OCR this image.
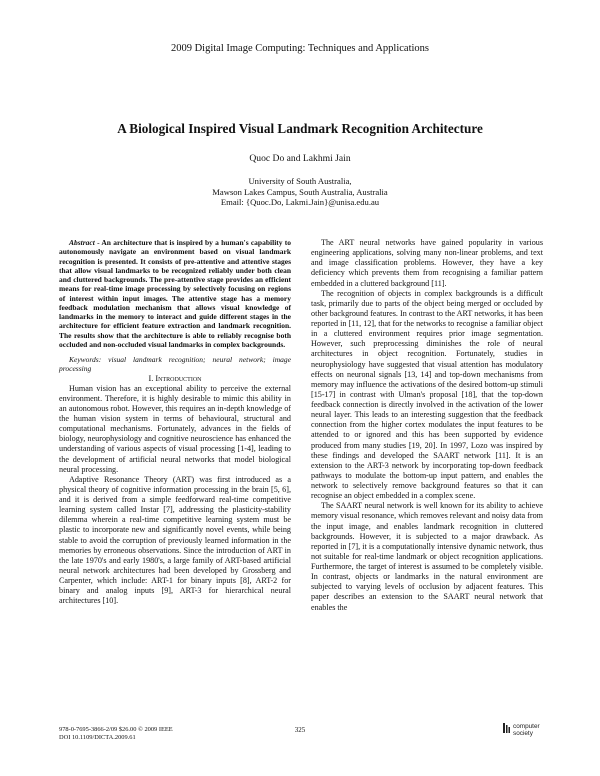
2009 Digital Image Computing: Techniques and Applications
A Biological Inspired Visual Landmark Recognition Architecture
Quoc Do and Lakhmi Jain
University of South Australia,
Mawson Lakes Campus, South Australia, Australia
Email: {Quoc.Do, Lakmi.Jain}@unisa.edu.au

Abstract - An architecture that is inspired by a human's capability to autonomously navigate an environment based on visual landmark recognition is presented. It consists of pre-attentive and attentive stages that allow visual landmarks to be recognized reliably under both clean and cluttered backgrounds. The pre-attentive stage provides an efficient means for real-time image processing by selectively focusing on regions of interest within input images. The attentive stage has a memory feedback modulation mechanism that allows visual knowledge of landmarks in the memory to interact and guide different stages in the architecture for efficient feature extraction and landmark recognition. The results show that the architecture is able to reliably recognise both occluded and non-occluded visual landmarks in complex backgrounds.

Keywords: visual landmark recognition; neural network; image processing

I. Introduction

Human vision has an exceptional ability to perceive the external environment. Therefore, it is highly desirable to mimic this ability in an autonomous robot. However, this requires an in-depth knowledge of the human vision system in terms of behavioural, structural and computational mechanisms. Fortunately, advances in the fields of biology, neurophysiology and cognitive neuroscience has enhanced the understanding of various aspects of visual processing [1-4], leading to the development of artificial neural networks that model biological neural processing.

Adaptive Resonance Theory (ART) was first introduced as a physical theory of cognitive information processing in the brain [5, 6], and it is derived from a simple feedforward real-time competitive learning system called Instar [7], addressing the plasticity-stability dilemma wherein a real-time competitive learning system must be plastic to incorporate new and significantly novel events, while being stable to avoid the corruption of previously learned information in the memories by erroneous observations. Since the introduction of ART in the late 1970's and early 1980's, a large family of ART-based artificial neural network architectures had been developed by Grossberg and Carpenter, which include: ART-1 for binary inputs [8], ART-2 for binary and analog inputs [9], ART-3 for hierarchical neural architectures [10].

The ART neural networks have gained popularity in various engineering applications, solving many non-linear problems, and text and image classification problems. However, they have a key deficiency which prevents them from recognising a familiar pattern embedded in a cluttered background [11].

The recognition of objects in complex backgrounds is a difficult task, primarily due to parts of the object being merged or occluded by other background features. In contrast to the ART networks, it has been reported in [11, 12], that for the networks to recognise a familiar object in a cluttered environment requires prior image segmentation. However, such preprocessing diminishes the role of neural architectures in object recognition. Fortunately, studies in neurophysiology have suggested that visual attention has modulatory effects on neuronal signals [13, 14] and top-down mechanisms from memory may influence the activations of the desired bottom-up stimuli [15-17] in contrast with Ulman's proposal [18], that the top-down feedback connection is directly involved in the activation of the lower neural layer. This leads to an interesting suggestion that the feedback connection from the higher cortex modulates the input features to be attended to or ignored and this has been supported by evidence produced from many studies [19, 20]. In 1997, Lozo was inspired by these findings and developed the SAART network [11]. It is an extension to the ART-3 network by incorporating top-down feedback pathways to modulate the bottom-up input pattern, and enables the network to selectively remove background features so that it can recognise an object embedded in a complex scene.

The SAART neural network is well known for its ability to achieve memory visual resonance, which removes relevant and noisy data from the input image, and enables landmark recognition in cluttered backgrounds. However, it is subjected to a major drawback. As reported in [7], it is a computationally intensive dynamic network, thus not suitable for real-time landmark or object recognition applications. Furthermore, the target of interest is assumed to be completely visible. In contrast, objects or landmarks in the natural environment are subjected to varying levels of occlusion by adjacent features. This paper describes an extension to the SAART neural network that enables the

978-0-7695-3866-2/09 $26.00 © 2009 IEEE
DOI 10.1109/DICTA.2009.61
325	computer
society
